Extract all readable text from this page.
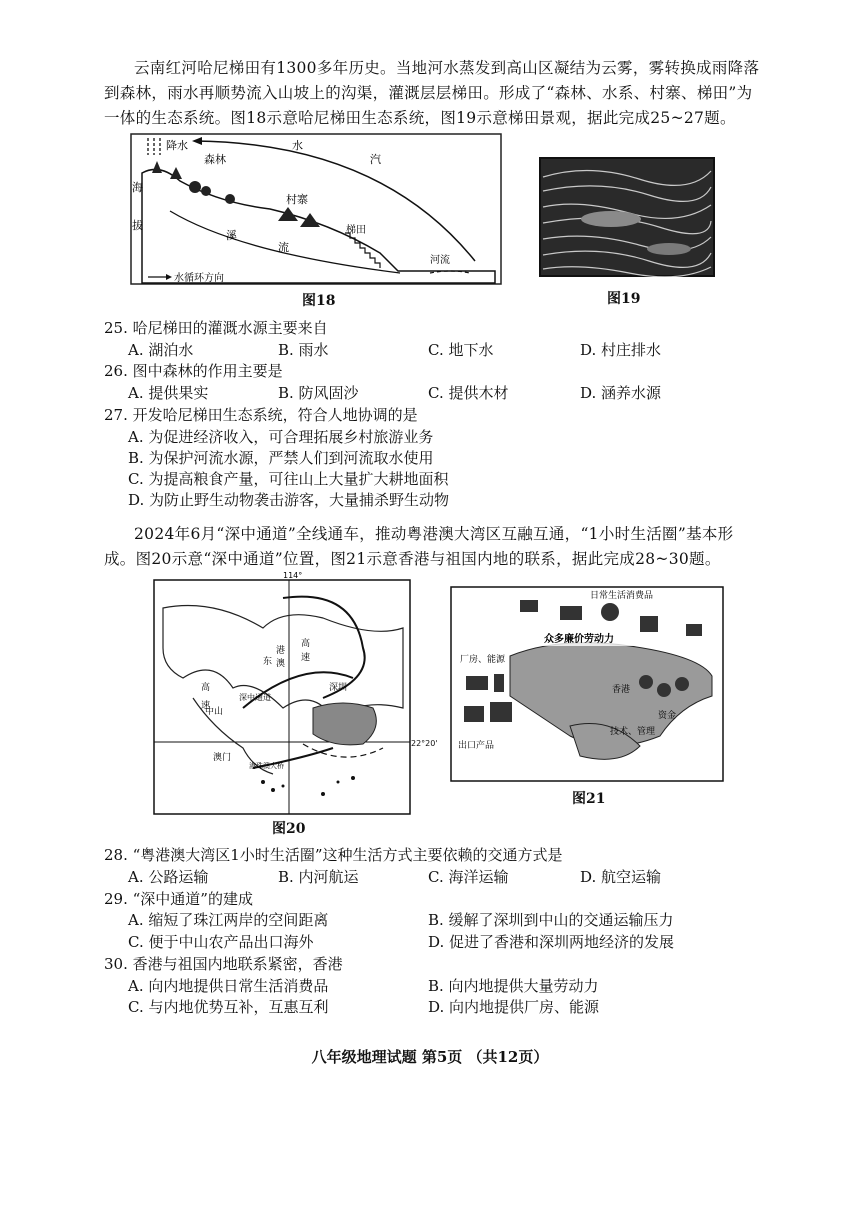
云南红河哈尼梯田有1300多年历史。当地河水蒸发到高山区凝结为云雾，雾转换成雨降落到森林，雨水再顺势流入山坡上的沟渠，灌溉层层梯田。形成了“森林、水系、村寨、梯田”为一体的生态系统。图18示意哈尼梯田生态系统，图19示意梯田景观，据此完成25~27题。
降水
森林
水
汽
海
拔
村寨
溪
流
梯田
河流
水循环方向
图18	图19
25. 哈尼梯田的灌溉水源主要来自
A. 湖泊水	B. 雨水	C. 地下水	D. 村庄排水
26. 图中森林的作用主要是
A. 提供果实	B. 防风固沙	C. 提供木材	D. 涵养水源
27. 开发哈尼梯田生态系统，符合人地协调的是
A. 为促进经济收入，可合理拓展乡村旅游业务
B. 为保护河流水源，严禁人们到河流取水使用
C. 为提高粮食产量，可往山上大量扩大耕地面积
D. 为防止野生动物袭击游客，大量捕杀野生动物
2024年6月“深中通道”全线通车，推动粤港澳大湾区互融互通，“1小时生活圈”基本形成。图20示意“深中通道”位置，图21示意香港与祖国内地的联系，据此完成28~30题。
114°
东
港
澳
高
速
高
速
深圳
中山
深中通道
澳门
港珠澳大桥
22°20'
图20
日常生活消费品
众多廉价劳动力
厂房、能源
香港
资金
技术、管理
出口产品
图21
28. “粤港澳大湾区1小时生活圈”这种生活方式主要依赖的交通方式是
A. 公路运输	B. 内河航运	C. 海洋运输	D. 航空运输
29. “深中通道”的建成
A. 缩短了珠江两岸的空间距离	B. 缓解了深圳到中山的交通运输压力
C. 便于中山农产品出口海外	D. 促进了香港和深圳两地经济的发展
30. 香港与祖国内地联系紧密，香港
A. 向内地提供日常生活消费品	B. 向内地提供大量劳动力
C. 与内地优势互补，互惠互利	D. 向内地提供厂房、能源
八年级地理试题 第5页 （共12页）
